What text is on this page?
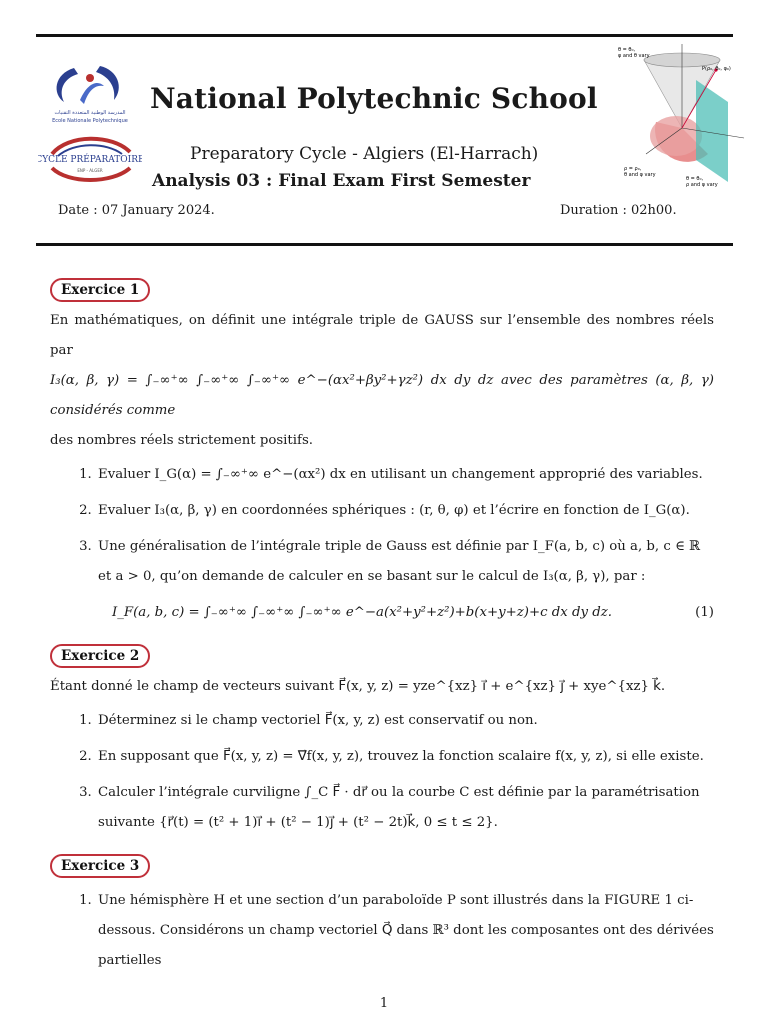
المدرسة الوطنية المتعددة التقنيات
Ecole Nationale Polytechnique
CYCLE PRÉPARATOIRE
ENP - ALGER
National Polytechnic School
Preparatory Cycle - Algiers (El-Harrach)
Analysis 03 : Final Exam First Semester
Date : 07 January 2024.	Duration : 02h00.
θ = θ₀,
φ and θ vary
P(ρ₀, θ₀, φ₀)
ρ = ρ₀,
θ and φ vary
θ = θ₀,
ρ and φ vary
Exercice 1

En mathématiques, on définit une intégrale triple de GAUSS sur l’ensemble des nombres réels par

I₃(α, β, γ) = ∫₋∞⁺∞ ∫₋∞⁺∞ ∫₋∞⁺∞ e^−(αx²+βy²+γz²) dx dy dz avec des paramètres (α, β, γ) considérés comme

des nombres réels strictement positifs.

1. Evaluer I_G(α) = ∫₋∞⁺∞ e^−(αx²) dx en utilisant un changement approprié des variables.
2. Evaluer I₃(α, β, γ) en coordonnées sphériques : (r, θ, φ) et l’écrire en fonction de I_G(α).
3. Une généralisation de l’intégrale triple de Gauss est définie par I_F(a, b, c) où a, b, c ∈ ℝ et a > 0, qu’on demande de calculer en se basant sur le calcul de I₃(α, β, γ), par :
I_F(a, b, c) = ∫₋∞⁺∞ ∫₋∞⁺∞ ∫₋∞⁺∞ e^−a(x²+y²+z²)+b(x+y+z)+c dx dy dz.	(1)
Exercice 2

Étant donné le champ de vecteurs suivant F⃗(x, y, z) = yze^{xz} i⃗ + e^{xz} j⃗ + xye^{xz} k⃗.

1. Déterminez si le champ vectoriel F⃗(x, y, z) est conservatif ou non.
2. En supposant que F⃗(x, y, z) = ∇⃗f(x, y, z), trouvez la fonction scalaire f(x, y, z), si elle existe.
3. Calculer l’intégrale curviligne ∫_C F⃗ · dr⃗ ou la courbe C est définie par la paramétrisation suivante {r⃗(t) = (t² + 1)i⃗ + (t² − 1)j⃗ + (t² − 2t)k⃗, 0 ≤ t ≤ 2}.
Exercice 3
1. Une hémisphère H et une section d’un paraboloïde P sont illustrés dans la FIGURE 1 ci-dessous. Considérons un champ vectoriel Q⃗ dans ℝ³ dont les composantes ont des dérivées partielles
1
